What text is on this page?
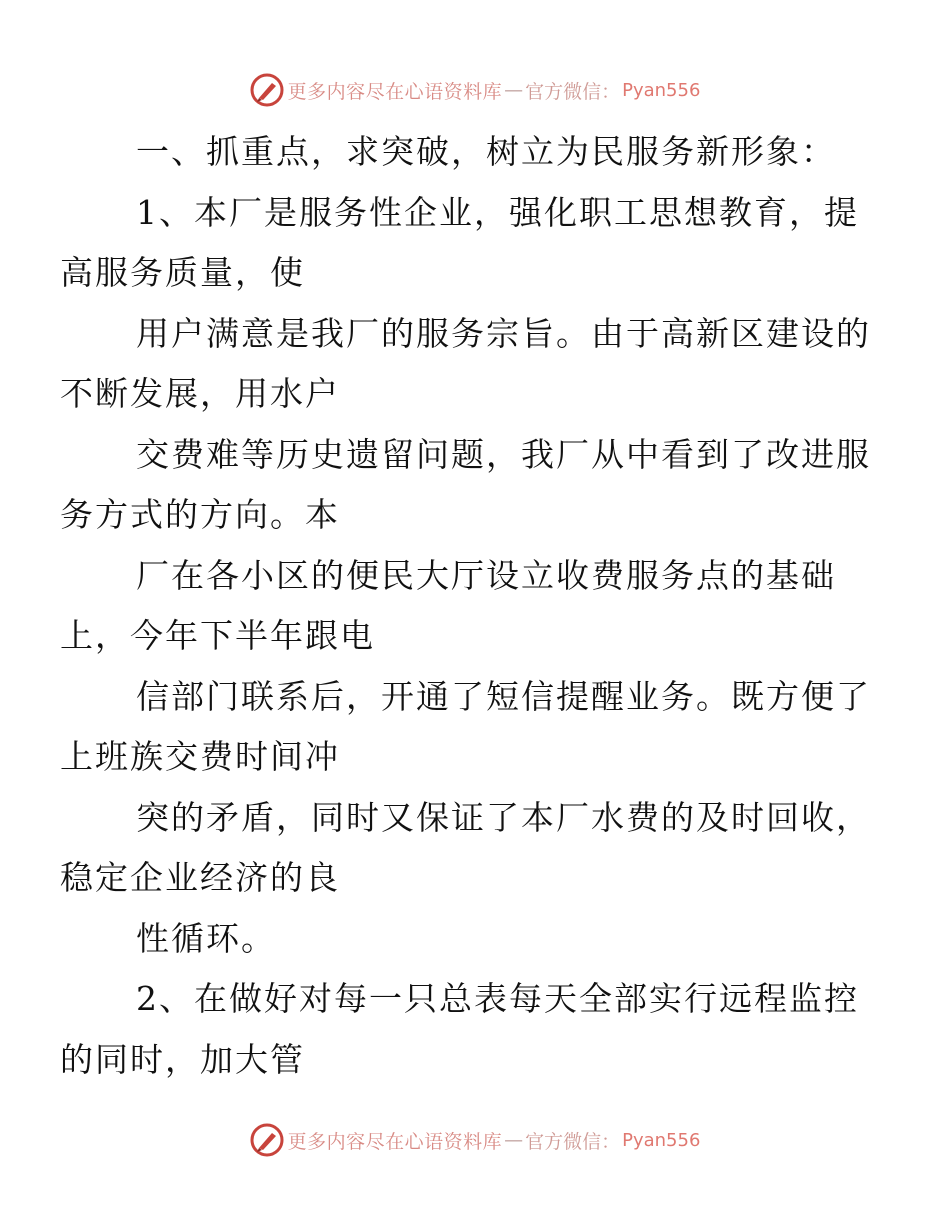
更多内容尽在心语资料库 — 官方微信： Pyan556

一、抓重点，求突破，树立为民服务新形象：

1、本厂是服务性企业，强化职工思想教育，提
高服务质量，使

用户满意是我厂的服务宗旨。由于高新区建设的
不断发展，用水户

交费难等历史遗留问题，我厂从中看到了改进服
务方式的方向。本

厂在各小区的便民大厅设立收费服务点的基础
上，今年下半年跟电

信部门联系后，开通了短信提醒业务。既方便了
上班族交费时间冲

突的矛盾，同时又保证了本厂水费的及时回收，
稳定企业经济的良

性循环。

2、在做好对每一只总表每天全部实行远程监控
的同时，加大管

更多内容尽在心语资料库 — 官方微信： Pyan556
